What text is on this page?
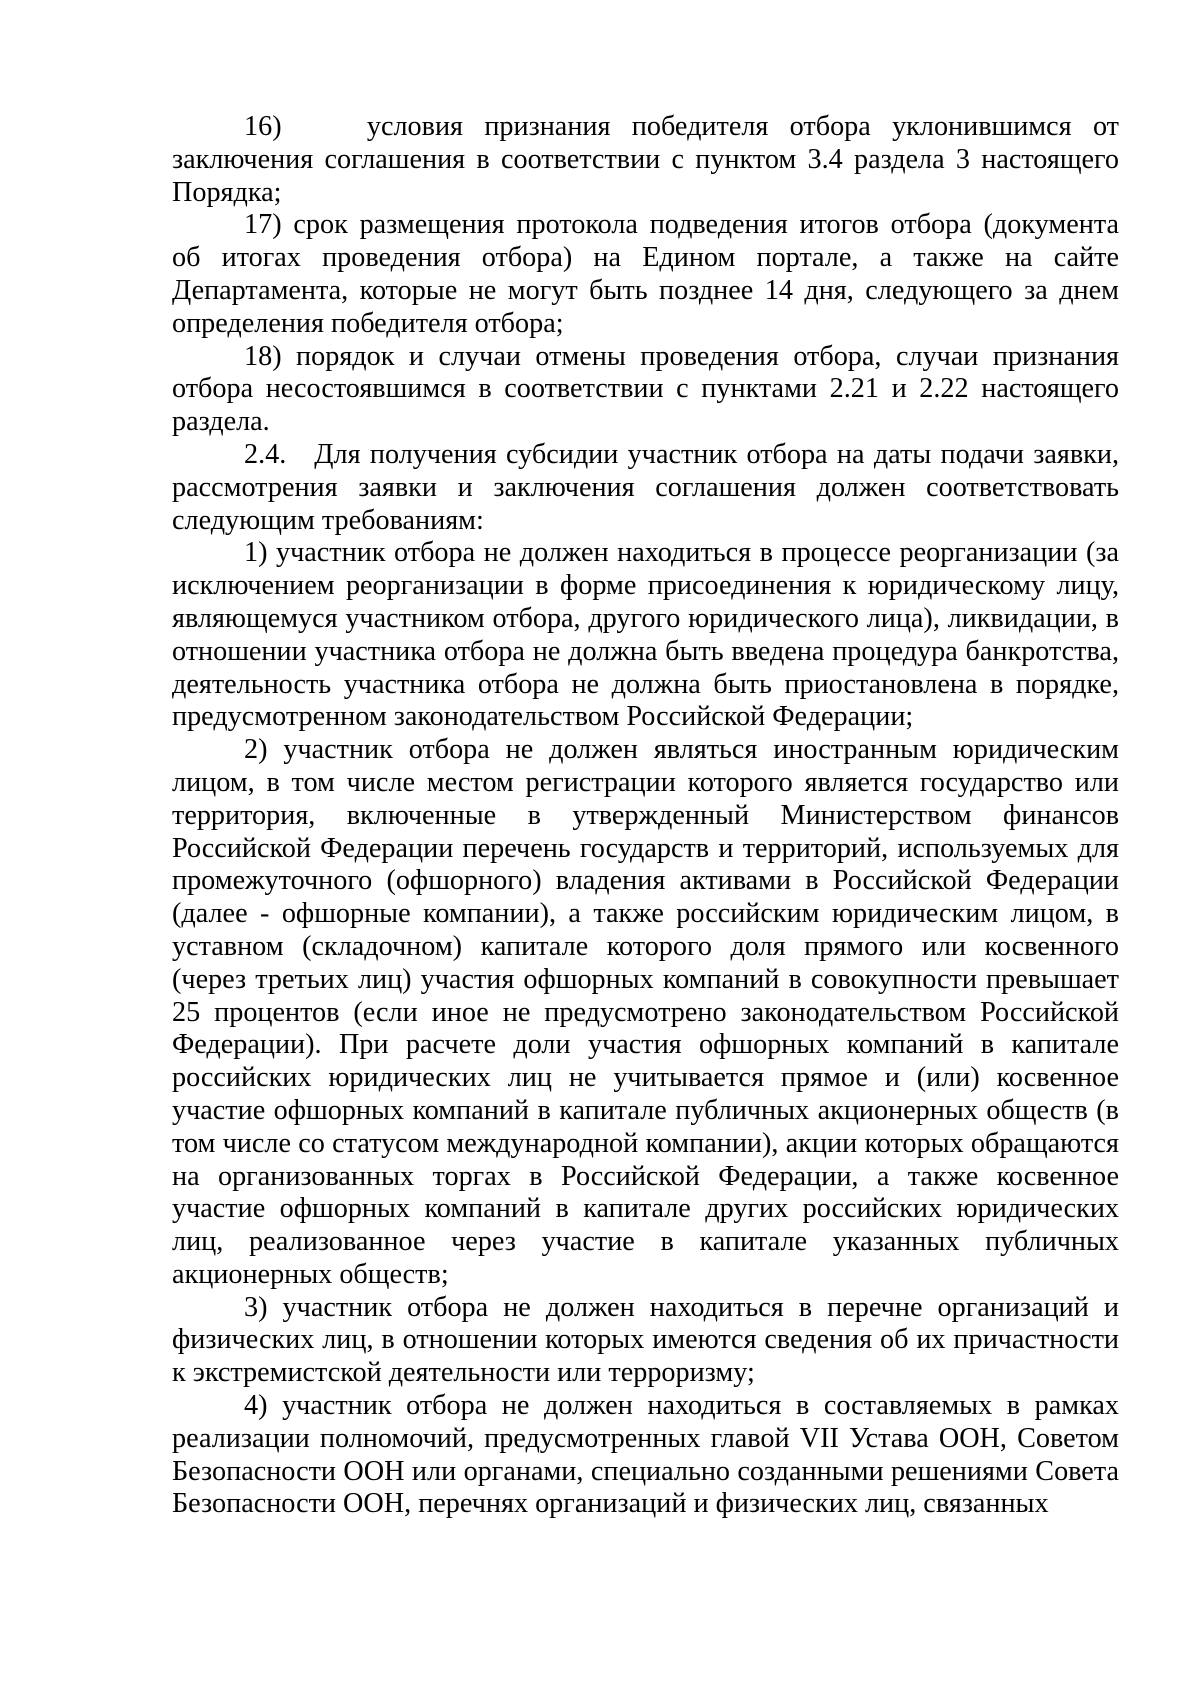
16)    условия признания победителя отбора уклонившимся от заключения соглашения в соответствии с пунктом 3.4 раздела 3 настоящего Порядка;

17) срок размещения протокола подведения итогов отбора (документа об итогах проведения отбора) на Едином портале, а также на сайте Департамента, которые не могут быть позднее 14 дня, следующего за днем определения победителя отбора;

18) порядок и случаи отмены проведения отбора, случаи признания отбора несостоявшимся в соответствии с пунктами 2.21 и 2.22 настоящего раздела.

2.4.   Для получения субсидии участник отбора на даты подачи заявки, рассмотрения заявки и заключения соглашения должен соответствовать следующим требованиям:

1) участник отбора не должен находиться в процессе реорганизации (за исключением реорганизации в форме присоединения к юридическому лицу, являющемуся участником отбора, другого юридического лица), ликвидации, в отношении участника отбора не должна быть введена процедура банкротства, деятельность участника отбора не должна быть приостановлена в порядке, предусмотренном законодательством Российской Федерации;

2) участник отбора не должен являться иностранным юридическим лицом, в том числе местом регистрации которого является государство или территория, включенные в утвержденный Министерством финансов Российской Федерации перечень государств и территорий, используемых для промежуточного (офшорного) владения активами в Российской Федерации (далее - офшорные компании), а также российским юридическим лицом, в уставном (складочном) капитале которого доля прямого или косвенного (через третьих лиц) участия офшорных компаний в совокупности превышает 25 процентов (если иное не предусмотрено законодательством Российской Федерации). При расчете доли участия офшорных компаний в капитале российских юридических лиц не учитывается прямое и (или) косвенное участие офшорных компаний в капитале публичных акционерных обществ (в том числе со статусом международной компании), акции которых обращаются на организованных торгах в Российской Федерации, а также косвенное участие офшорных компаний в капитале других российских юридических лиц, реализованное через участие в капитале указанных публичных акционерных обществ;

3) участник отбора не должен находиться в перечне организаций и физических лиц, в отношении которых имеются сведения об их причастности к экстремистской деятельности или терроризму;

4) участник отбора не должен находиться в составляемых в рамках реализации полномочий, предусмотренных главой VII Устава ООН, Советом Безопасности ООН или органами, специально созданными решениями Совета Безопасности ООН, перечнях организаций и физических лиц, связанных
